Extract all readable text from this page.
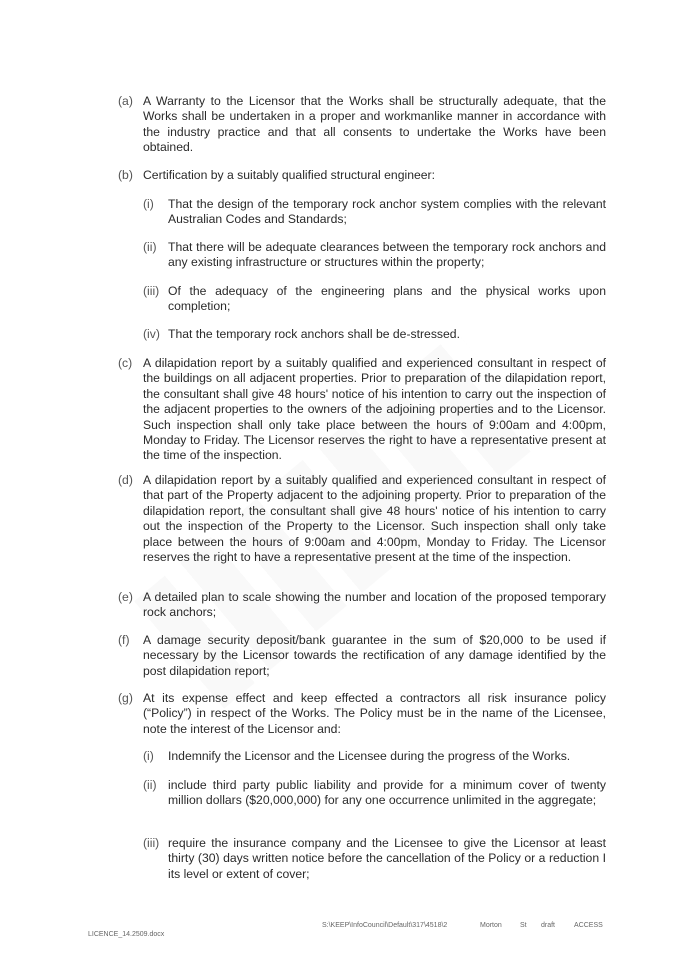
(a) A Warranty to the Licensor that the Works shall be structurally adequate, that the Works shall be undertaken in a proper and workmanlike manner in accordance with the industry practice and that all consents to undertake the Works have been obtained.
(b) Certification by a suitably qualified structural engineer:
(i) That the design of the temporary rock anchor system complies with the relevant Australian Codes and Standards;
(ii) That there will be adequate clearances between the temporary rock anchors and any existing infrastructure or structures within the property;
(iii) Of the adequacy of the engineering plans and the physical works upon completion;
(iv) That the temporary rock anchors shall be de-stressed.
(c) A dilapidation report by a suitably qualified and experienced consultant in respect of the buildings on all adjacent properties. Prior to preparation of the dilapidation report, the consultant shall give 48 hours' notice of his intention to carry out the inspection of the adjacent properties to the owners of the adjoining properties and to the Licensor. Such inspection shall only take place between the hours of 9:00am and 4:00pm, Monday to Friday. The Licensor reserves the right to have a representative present at the time of the inspection.
(d) A dilapidation report by a suitably qualified and experienced consultant in respect of that part of the Property adjacent to the adjoining property. Prior to preparation of the dilapidation report, the consultant shall give 48 hours' notice of his intention to carry out the inspection of the Property to the Licensor. Such inspection shall only take place between the hours of 9:00am and 4:00pm, Monday to Friday. The Licensor reserves the right to have a representative present at the time of the inspection.
(e) A detailed plan to scale showing the number and location of the proposed temporary rock anchors;
(f) A damage security deposit/bank guarantee in the sum of $20,000 to be used if necessary by the Licensor towards the rectification of any damage identified by the post dilapidation report;
(g) At its expense effect and keep effected a contractors all risk insurance policy (“Policy”) in respect of the Works. The Policy must be in the name of the Licensee, note the interest of the Licensor and:
(i) Indemnify the Licensor and the Licensee during the progress of the Works.
(ii) include third party public liability and provide for a minimum cover of twenty million dollars ($20,000,000) for any one occurrence unlimited in the aggregate;
(iii) require the insurance company and the Licensee to give the Licensor at least thirty (30) days written notice before the cancellation of the Policy or a reduction I its level or extent of cover;
LICENCE_14.2509.docx
S:\KEEP\InfoCouncil\Default\317\4518\2	Morton	St draft	ACCESS
